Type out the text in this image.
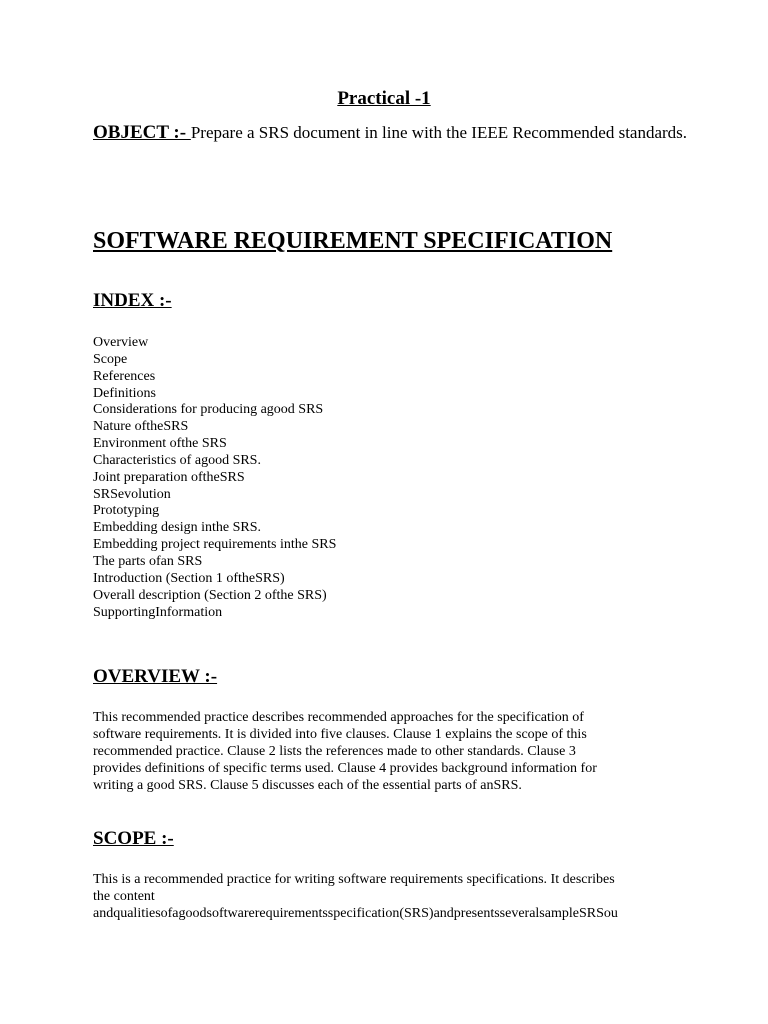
Practical -1
OBJECT :- Prepare a SRS document in line with the IEEE Recommended standards.
SOFTWARE REQUIREMENT SPECIFICATION
INDEX :-
Overview
Scope
References
Definitions
Considerations for producing agood SRS
Nature oftheSRS
Environment ofthe SRS
Characteristics of agood SRS.
Joint preparation oftheSRS
SRSevolution
Prototyping
Embedding design inthe SRS.
Embedding project requirements inthe SRS
The parts ofan SRS
Introduction (Section 1 oftheSRS)
Overall description (Section 2 ofthe SRS)
SupportingInformation
OVERVIEW :-
This recommended practice describes recommended approaches for the specification of
software requirements. It is divided into five clauses. Clause 1 explains the scope of this
recommended practice. Clause 2 lists the references made to other standards. Clause 3
provides definitions of specific terms used. Clause 4 provides background information for
writing a good SRS. Clause 5 discusses each of the essential parts of anSRS.
SCOPE :-
This is a recommended practice for writing software requirements specifications. It describes
the content
andqualitiesofagoodsoftwarerequirementsspecification(SRS)andpresentsseveralsampleSRSou
